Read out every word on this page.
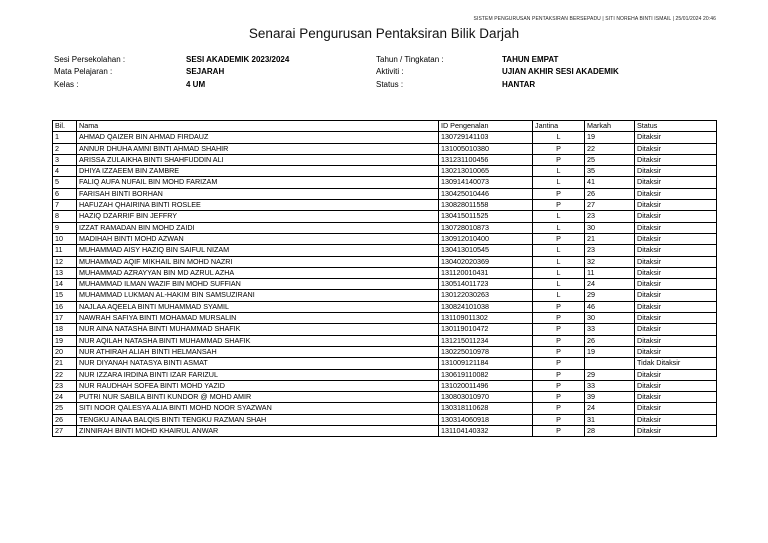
SISTEM PENGURUSAN PENTAKSIRAN BERSEPADU | SITI NOREHA BINTI ISMAIL | 25/01/2024 20:46
Senarai Pengurusan Pentaksiran Bilik Darjah
Sesi Persekolahan :	SESI AKADEMIK 2023/2024	Tahun / Tingkatan :	TAHUN EMPAT
Mata Pelajaran :	SEJARAH	Aktiviti :	UJIAN AKHIR SESI AKADEMIK
Kelas :	4 UM	Status :	HANTAR
Bil.	Nama	ID Pengenalan	Jantina	Markah	Status
1	AHMAD QAIZER BIN AHMAD FIRDAUZ	130729141103	L	19	Ditaksir
2	ANNUR DHUHA AMNI BINTI AHMAD SHAHIR	131005010380	P	22	Ditaksir
3	ARISSA ZULAIKHA BINTI SHAHFUDDIN ALI	131231100456	P	25	Ditaksir
4	DHIYA IZZAEEM BIN ZAMBRE	130213010065	L	35	Ditaksir
5	FALIQ AUFA NUFAIL BIN MOHD FARIZAM	130914140073	L	41	Ditaksir
6	FARISAH BINTI BORHAN	130425010446	P	26	Ditaksir
7	HAFUZAH QHAIRINA BINTI ROSLEE	130828011558	P	27	Ditaksir
8	HAZIQ DZARRIF BIN JEFFRY	130415011525	L	23	Ditaksir
9	IZZAT RAMADAN BIN MOHD ZAIDI	130728010873	L	30	Ditaksir
10	MADIHAH BINTI MOHD AZWAN	130912010400	P	21	Ditaksir
11	MUHAMMAD AISY HAZIQ BIN SAIFUL NIZAM	130413010545	L	23	Ditaksir
12	MUHAMMAD AQIF MIKHAIL BIN MOHD NAZRI	130402020369	L	32	Ditaksir
13	MUHAMMAD AZRAYYAN BIN MD AZRUL AZHA	131120010431	L	11	Ditaksir
14	MUHAMMAD ILMAN WAZIF BIN MOHD SUFFIAN	130514011723	L	24	Ditaksir
15	MUHAMMAD LUKMAN AL-HAKIM BIN SAMSUZIRANI	130122030263	L	29	Ditaksir
16	NAJLAA AQEELA BINTI MUHAMMAD SYAMIL	130824101038	P	46	Ditaksir
17	NAWRAH SAFIYA BINTI MOHAMAD MURSALIN	131109011302	P	30	Ditaksir
18	NUR AINA NATASHA BINTI MUHAMMAD SHAFIK	130119010472	P	33	Ditaksir
19	NUR AQILAH NATASHA BINTI MUHAMMAD SHAFIK	131215011234	P	26	Ditaksir
20	NUR ATHIRAH ALIAH BINTI HELMANSAH	130225010978	P	19	Ditaksir
21	NUR DIYANAH NATASYA BINTI ASMAT	131009121184	P		Tidak Ditaksir
22	NUR IZZARA IRDINA BINTI IZAR FARIZUL	130619110082	P	29	Ditaksir
23	NUR RAUDHAH SOFEA BINTI MOHD YAZID	131020011496	P	33	Ditaksir
24	PUTRI NUR SABILA BINTI KUNDOR @ MOHD AMIR	130803010970	P	39	Ditaksir
25	SITI NOOR QALESYA ALIA BINTI MOHD NOOR SYAZWAN	130318110628	P	24	Ditaksir
26	TENGKU AINAA BALQIS BINTI TENGKU RAZMAN SHAH	130314060918	P	31	Ditaksir
27	ZINNIRAH BINTI MOHD KHAIRUL ANWAR	131104140332	P	28	Ditaksir
